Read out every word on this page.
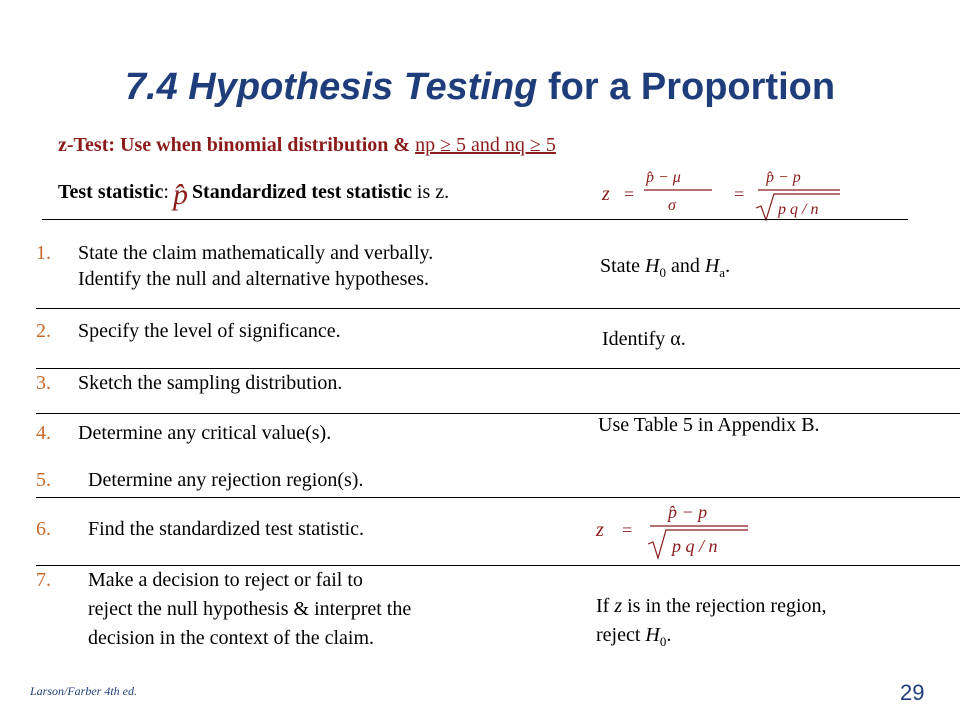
7.4 Hypothesis Testing for a Proportion
z-Test: Use when binomial distribution & np ≥ 5 and nq ≥ 5
Test statistic: p̂ Standardized test statistic is z.	z =
p̂ − μ
σ
=
p̂ − p
p q / n
1. State the claim mathematically and verbally.
Identify the null and alternative hypotheses.
2. Specify the level of significance.
3. Sketch the sampling distribution.
4. Determine any critical value(s).
5. Determine any rejection region(s).
6. Find the standardized test statistic.
7. Make a decision to reject or fail to
reject the null hypothesis & interpret the
decision in the context of the claim.
State $H_0$ and $H_a$.
Identify α.
Use Table 5 in Appendix B.
z =
p̂ − p
p q / n
If z is in the rejection region,
reject $H_0$.
Larson/Farber 4th ed.	29
